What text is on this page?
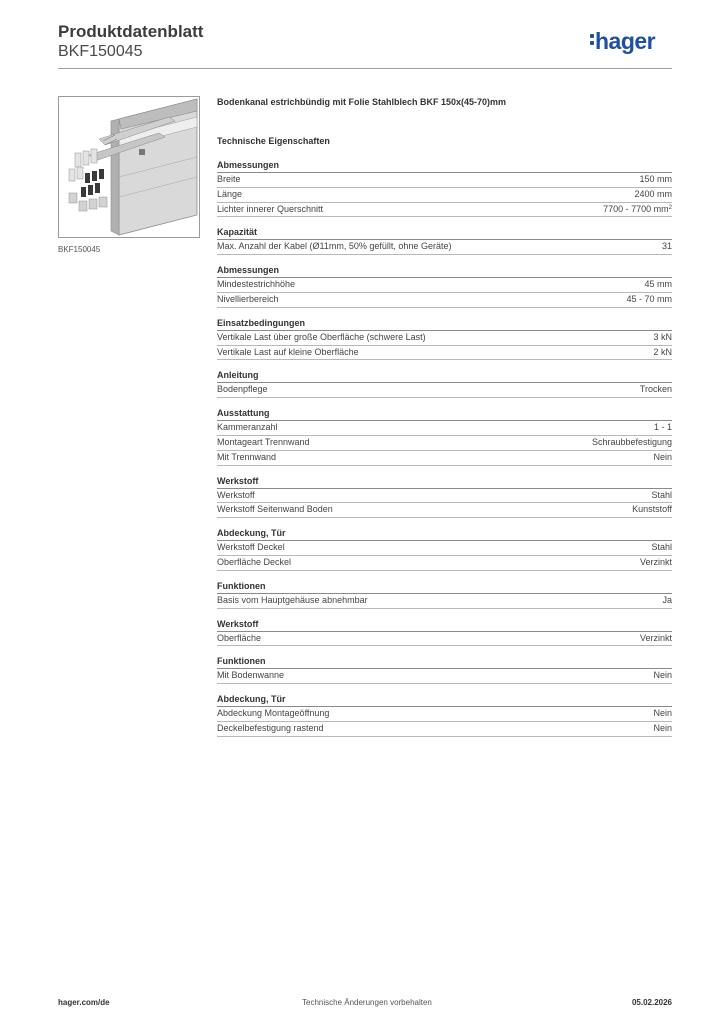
Produktdatenblatt
BKF150045	hager
BKF150045
Bodenkanal estrichbündig mit Folie Stahlblech BKF 150x(45-70)mm
Technische Eigenschaften
Abmessungen
Breite	150 mm
Länge	2400 mm
Lichter innerer Querschnitt	7700 - 7700 $mm^2$
Kapazität
Max. Anzahl der Kabel (Ø11mm, 50% gefüllt, ohne Geräte)	31
Abmessungen
Mindestestrichhöhe	45 mm
Nivellierbereich	45 - 70 mm
Einsatzbedingungen
Vertikale Last über große Oberfläche (schwere Last)	3 kN
Vertikale Last auf kleine Oberfläche	2 kN
Anleitung
Bodenpflege	Trocken
Ausstattung
Kammeranzahl	1 - 1
Montageart Trennwand	Schraubbefestigung
Mit Trennwand	Nein
Werkstoff
Werkstoff	Stahl
Werkstoff Seitenwand Boden	Kunststoff
Abdeckung, Tür
Werkstoff Deckel	Stahl
Oberfläche Deckel	Verzinkt
Funktionen
Basis vom Hauptgehäuse abnehmbar	Ja
Werkstoff
Oberfläche	Verzinkt
Funktionen
Mit Bodenwanne	Nein
Abdeckung, Tür
Abdeckung Montageöffnung	Nein
Deckelbefestigung rastend	Nein
hager.com/de	Technische Änderungen vorbehalten	05.02.2026
